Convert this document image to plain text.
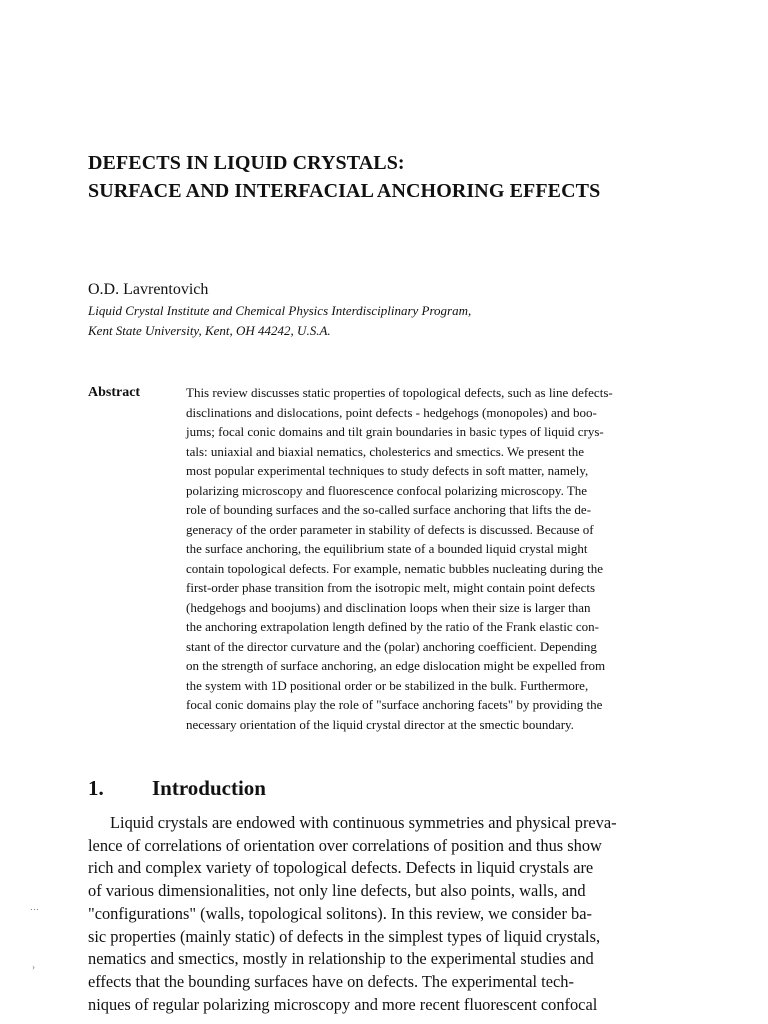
DEFECTS IN LIQUID CRYSTALS:
SURFACE AND INTERFACIAL ANCHORING EFFECTS
O.D. Lavrentovich
Liquid Crystal Institute and Chemical Physics Interdisciplinary Program,
Kent State University, Kent, OH 44242, U.S.A.
Abstract	This review discusses static properties of topological defects, such as line defects-
disclinations and dislocations, point defects - hedgehogs (monopoles) and boo-
jums; focal conic domains and tilt grain boundaries in basic types of liquid crys-
tals: uniaxial and biaxial nematics, cholesterics and smectics. We present the
most popular experimental techniques to study defects in soft matter, namely,
polarizing microscopy and fluorescence confocal polarizing microscopy. The
role of bounding surfaces and the so-called surface anchoring that lifts the de-
generacy of the order parameter in stability of defects is discussed. Because of
the surface anchoring, the equilibrium state of a bounded liquid crystal might
contain topological defects. For example, nematic bubbles nucleating during the
first-order phase transition from the isotropic melt, might contain point defects
(hedgehogs and boojums) and disclination loops when their size is larger than
the anchoring extrapolation length defined by the ratio of the Frank elastic con-
stant of the director curvature and the (polar) anchoring coefficient. Depending
on the strength of surface anchoring, an edge dislocation might be expelled from
the system with 1D positional order or be stabilized in the bulk. Furthermore,
focal conic domains play the role of "surface anchoring facets" by providing the
necessary orientation of the liquid crystal director at the smectic boundary.
1. Introduction
Liquid crystals are endowed with continuous symmetries and physical preva-
lence of correlations of orientation over correlations of position and thus show
rich and complex variety of topological defects. Defects in liquid crystals are
of various dimensionalities, not only line defects, but also points, walls, and
"configurations" (walls, topological solitons). In this review, we consider ba-
sic properties (mainly static) of defects in the simplest types of liquid crystals,
nematics and smectics, mostly in relationship to the experimental studies and
effects that the bounding surfaces have on defects. The experimental tech-
niques of regular polarizing microscopy and more recent fluorescent confocal
…
›
